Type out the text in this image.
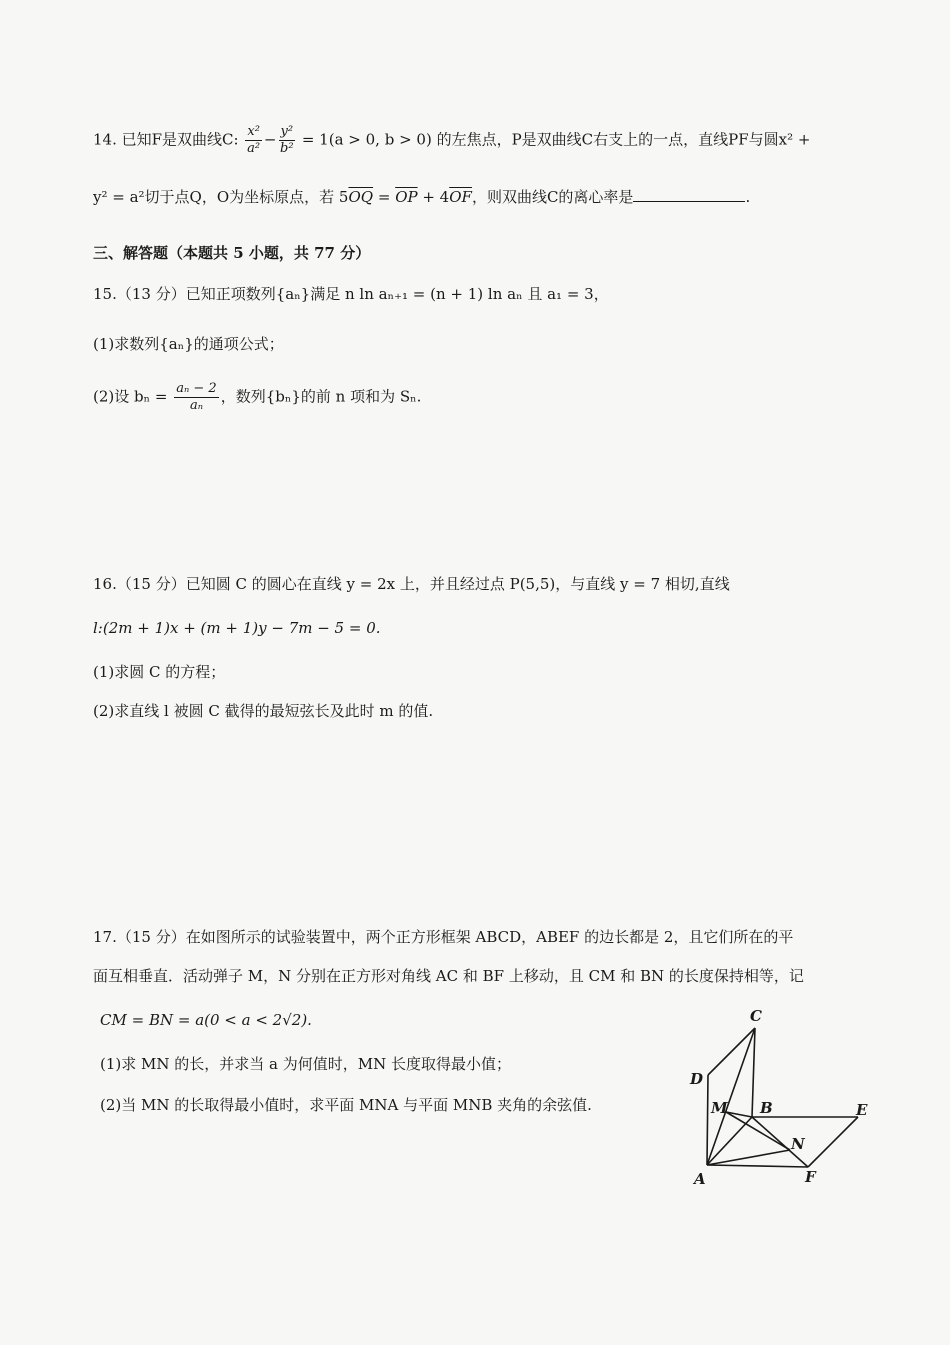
14. 已知F是双曲线C: $\frac{\text{x²}}{\text{a²}} - \frac{\text{y²}}{\text{b²}} = 1(a > 0$, b > 0) 的左焦点，P是双曲线C右支上的一点，直线PF与圆x² +
y² = a²切于点Q，O为坐标原点，若 $5\overline{OQ} = \overline{OP} + 4\overline{OF}$，则双曲线C的离心率是	.
三、解答题（本题共 5 小题，共 77 分）
15.（13 分）已知正项数列{aₙ}满足 n ln aₙ₊₁ = (n + 1) ln aₙ 且 a₁ = 3，
(1)求数列{aₙ}的通项公式；
(2)设 $b_n = \frac{\text{aₙ − 2}}{\text{aₙ}}$ ，数列{bₙ}的前 n 项和为 Sₙ.
16.（15 分）已知圆 C 的圆心在直线 y = 2x 上，并且经过点 P(5,5)，与直线 y = 7 相切,直线
l:(2m + 1)x + (m + 1)y − 7m − 5 = 0.
(1)求圆 C 的方程；
(2)求直线 l 被圆 C 截得的最短弦长及此时 m 的值.
17.（15 分）在如图所示的试验装置中，两个正方形框架 ABCD，ABEF 的边长都是 2，且它们所在的平
面互相垂直．活动弹子 M，N 分别在正方形对角线 AC 和 BF 上移动，且 CM 和 BN 的长度保持相等，记
CM = BN = a(0 < a < 2√2).
(1)求 MN 的长，并求当 a 为何值时，MN 长度取得最小值；
(2)当 MN 的长取得最小值时，求平面 MNA 与平面 MNB 夹角的余弦值.
C
D
M B	E
N
A	F
